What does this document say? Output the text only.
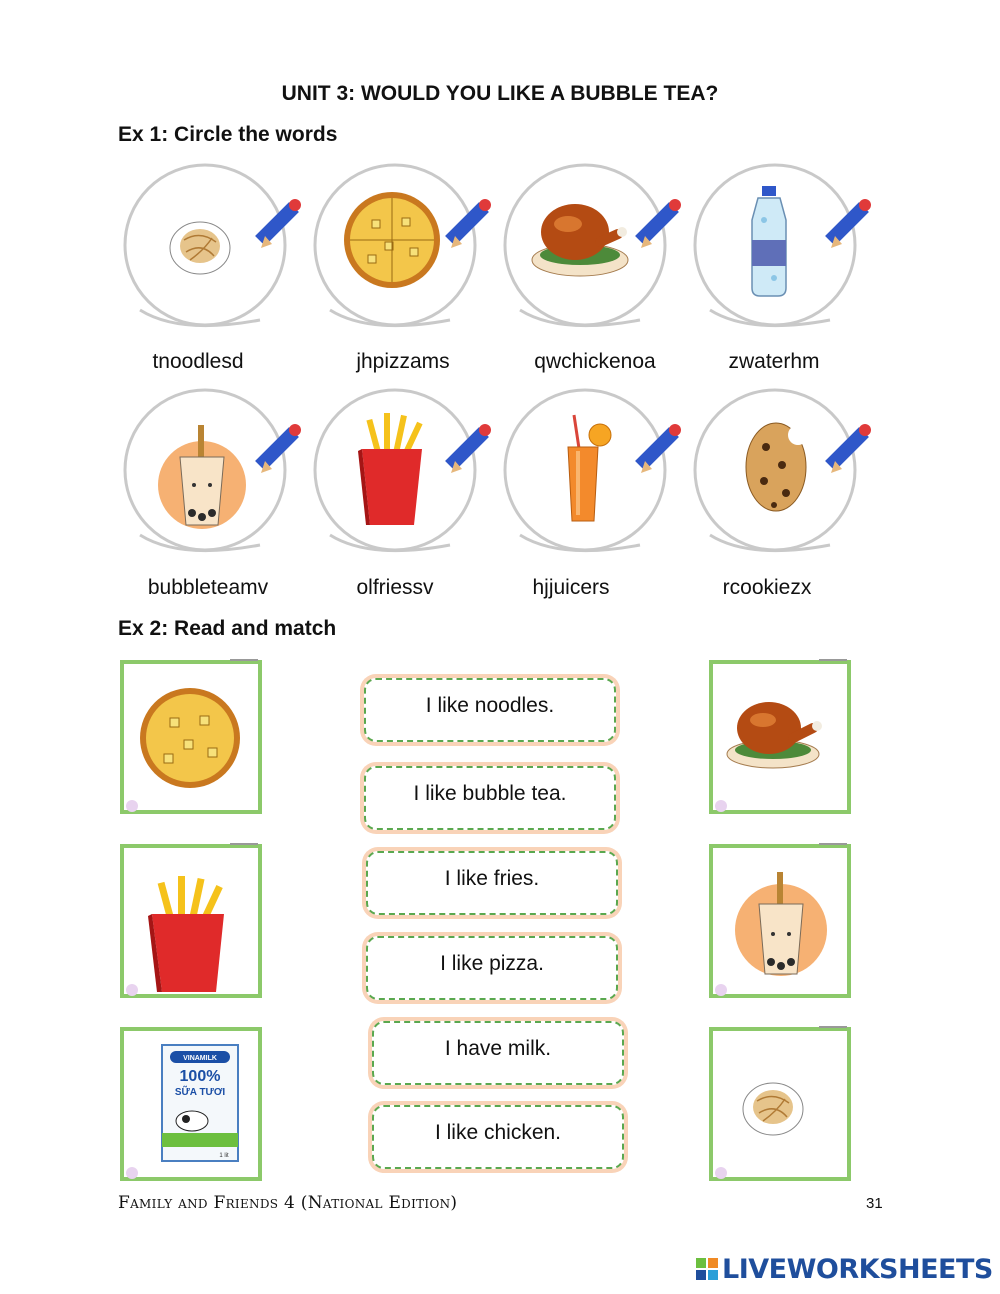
UNIT 3: WOULD YOU LIKE A BUBBLE TEA?
Ex 1: Circle the words
tnoodlesd	jhpizzams	qwchickenoa	zwaterhm
bubbleteamv	olfriessv	hjjuicers	rcookiezx
Ex 2: Read and match
VINAMILK
100%
SỮA TƯƠI
1 lit
I like noodles.
I like bubble tea.
I like fries.
I like pizza.
I have milk.
I like chicken.
Family and Friends 4 (National Edition)	31
LIVEWORKSHEETS
